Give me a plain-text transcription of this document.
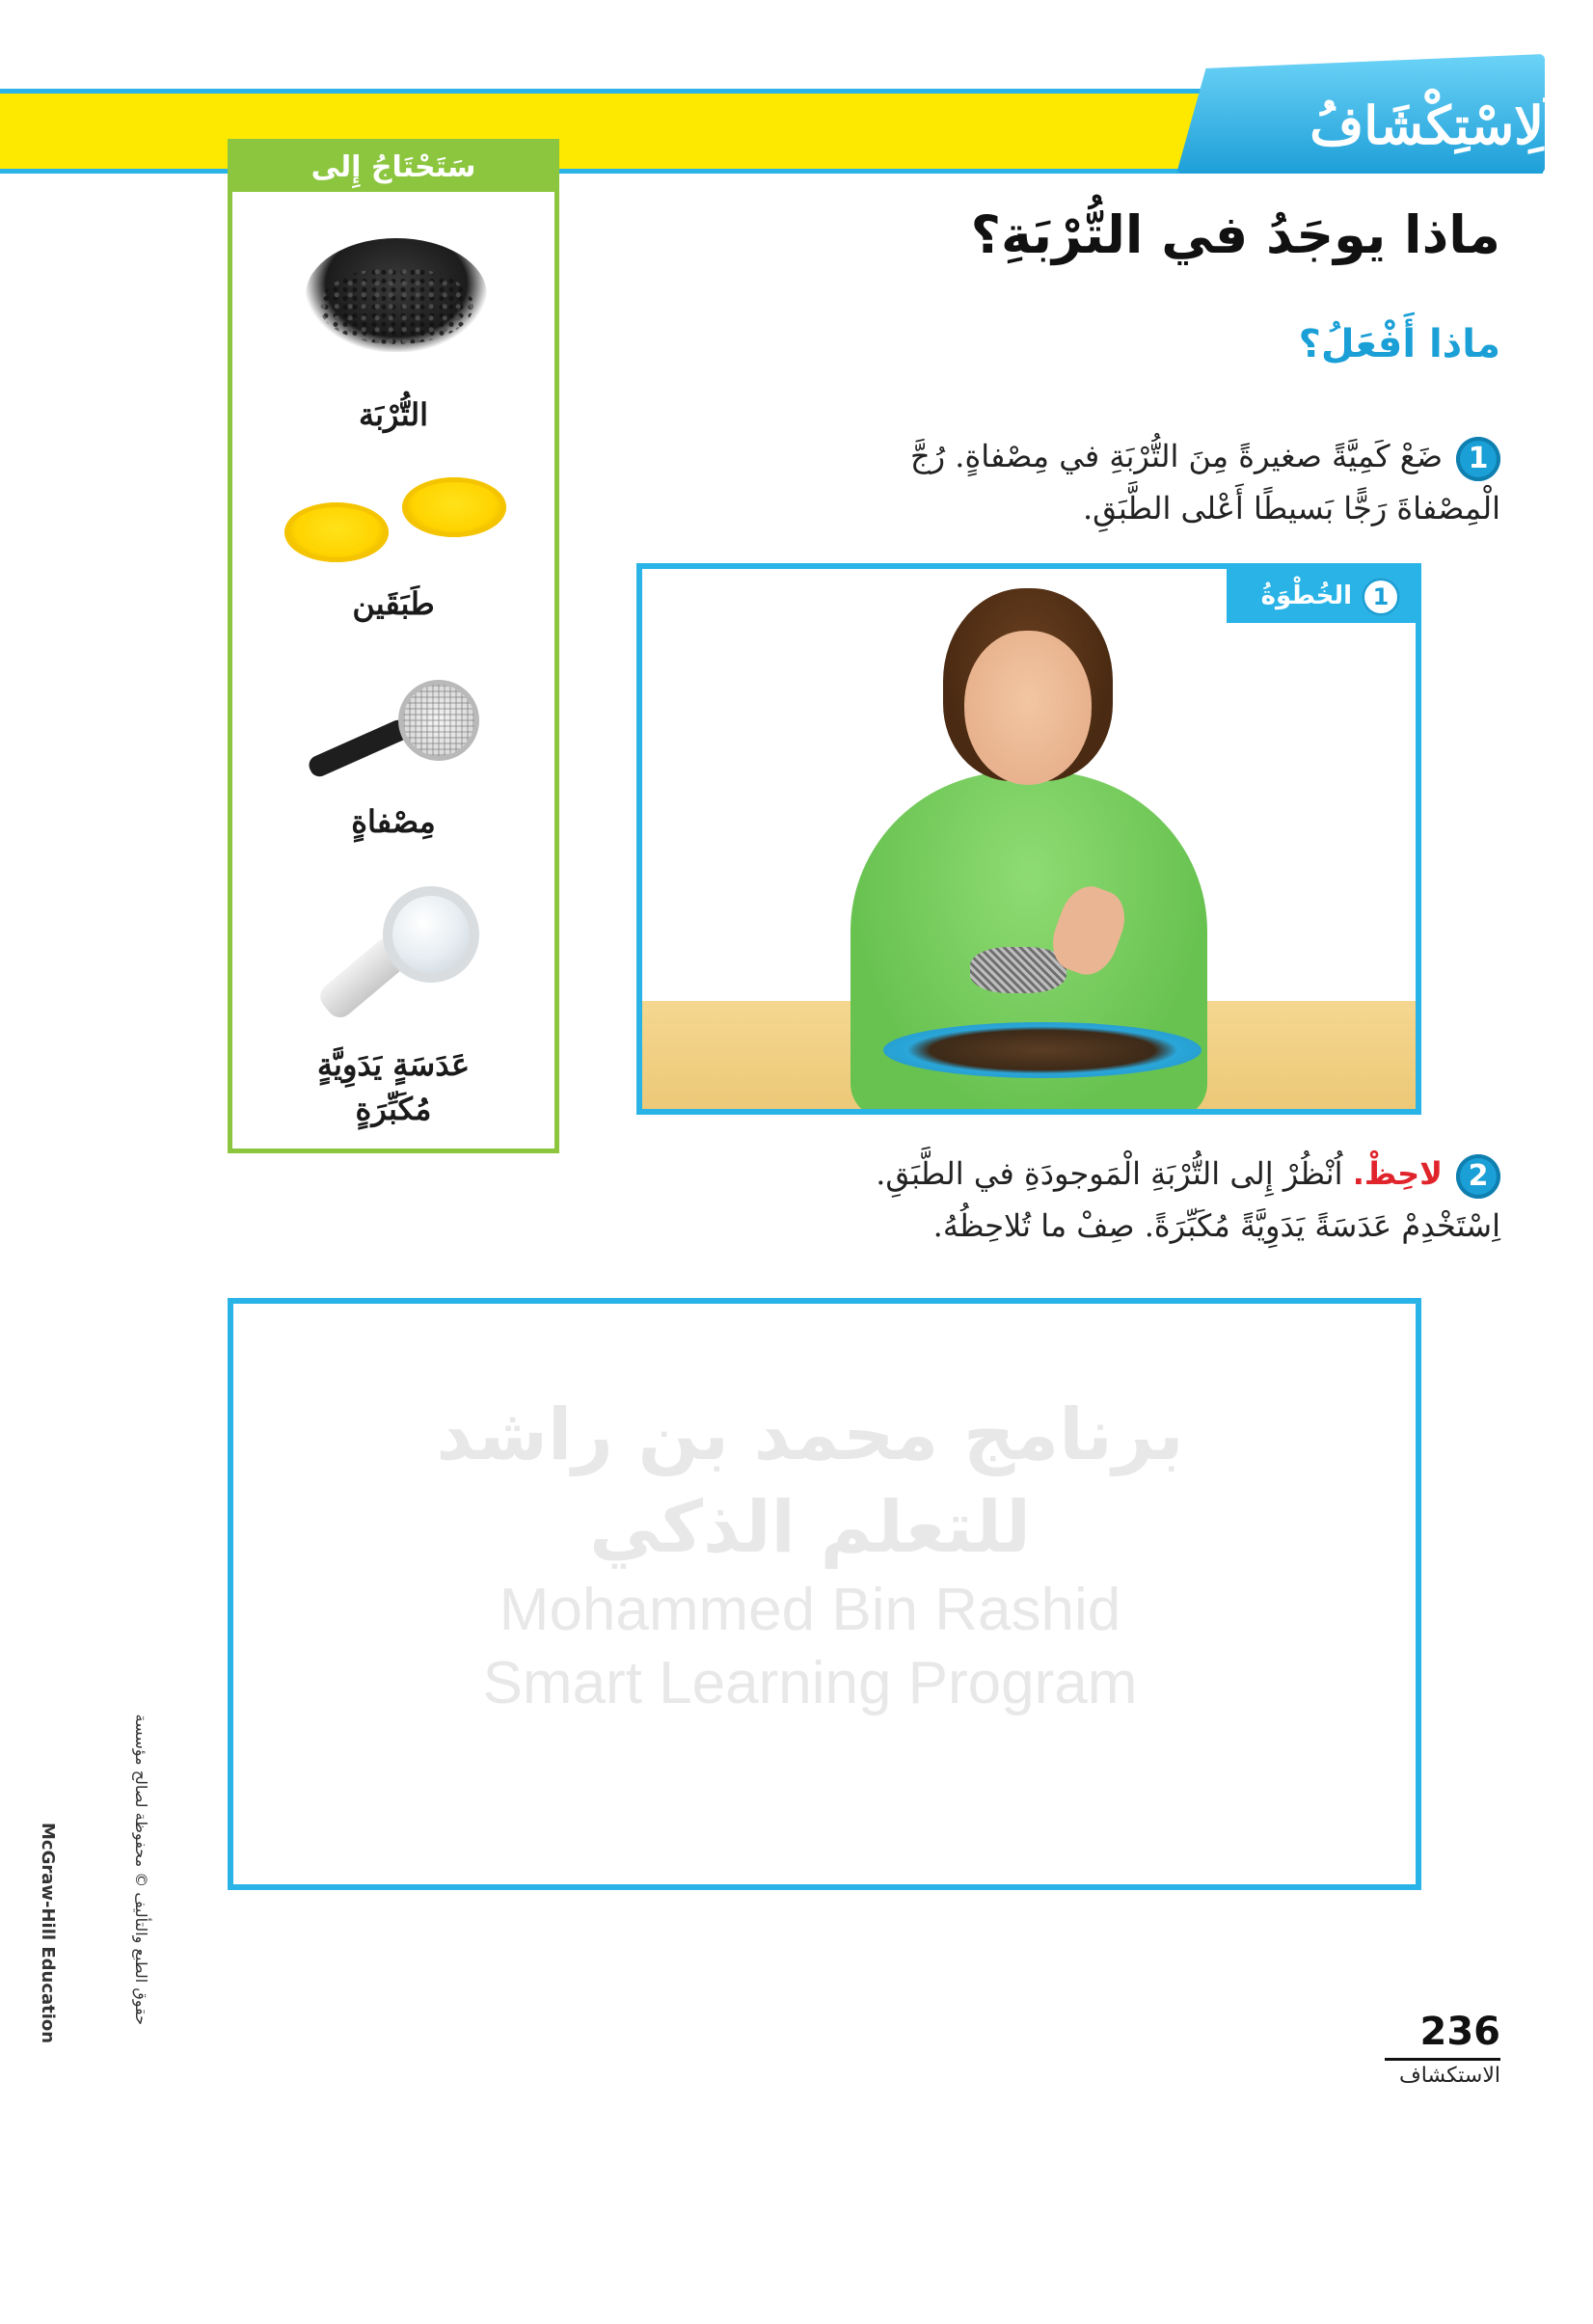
اَلِاسْتِكْشَافُ
سَتَحْتَاجُ إِلى
التُّرْبَة
طَبَقَين
مِصْفاةٍ
عَدَسَةٍ يَدَوِيَّةٍ
مُكَبِّرَةٍ
ماذا يوجَدُ في التُّرْبَةِ؟
ماذا أَفْعَلُ؟
1ضَعْ كَمِيَّةً صغيرةً مِنَ التُّرْبَةِ في مِصْفاةٍ. رُجَّ
الْمِصْفاةَ رَجًّا بَسيطًا أَعْلى الطَّبَقِ.
1الخُطْوَةُ
2لاحِظْ. اُنْظُرْ إِلى التُّرْبَةِ الْمَوجودَةِ في الطَّبَقِ.
اِسْتَخْدِمْ عَدَسَةً يَدَوِيَّةً مُكَبِّرَةً. صِفْ ما تُلاحِظُهُ.
برنامج محمد بن راشد
للتعلم الذكي
Mohammed Bin Rashid
Smart Learning Program
McGraw-Hill Education	حقوق الطبع والتأليف © محفوظة لصالح مؤسسة
236
الاستكشاف
